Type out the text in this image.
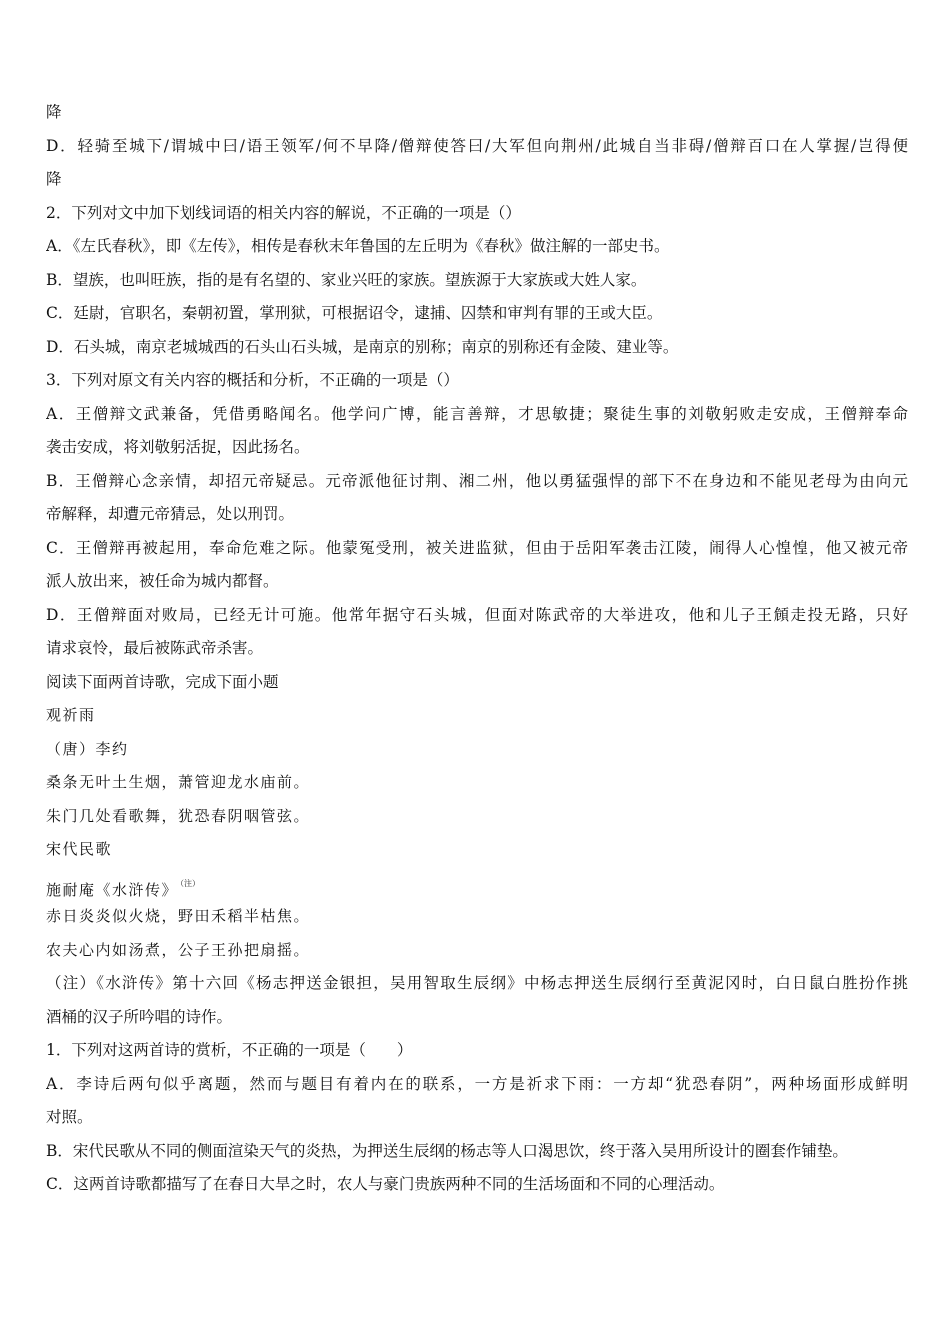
降
D．轻骑至城下/谓城中曰/语王领军/何不早降/僧辩使答曰/大军但向荆州/此城自当非碍/僧辩百口在人掌握/岂得便
降
2．下列对文中加下划线词语的相关内容的解说，不正确的一项是（）
A．《左氏春秋》，即《左传》，相传是春秋末年鲁国的左丘明为《春秋》做注解的一部史书。
B．望族，也叫旺族，指的是有名望的、家业兴旺的家族。望族源于大家族或大姓人家。
C．廷尉，官职名，秦朝初置，掌刑狱，可根据诏令，逮捕、囚禁和审判有罪的王或大臣。
D．石头城，南京老城城西的石头山石头城，是南京的别称；南京的别称还有金陵、建业等。
3．下列对原文有关内容的概括和分析，不正确的一项是（）
A．王僧辩文武兼备，凭借勇略闻名。他学问广博，能言善辩，才思敏捷；聚徒生事的刘敬躬败走安成，王僧辩奉命
袭击安成，将刘敬躬活捉，因此扬名。
B．王僧辩心念亲情，却招元帝疑忌。元帝派他征讨荆、湘二州，他以勇猛强悍的部下不在身边和不能见老母为由向元
帝解释，却遭元帝猜忌，处以刑罚。
C．王僧辩再被起用，奉命危难之际。他蒙冤受刑，被关进监狱，但由于岳阳军袭击江陵，闹得人心惶惶，他又被元帝
派人放出来，被任命为城内都督。
D．王僧辩面对败局，已经无计可施。他常年据守石头城，但面对陈武帝的大举进攻，他和儿子王頠走投无路，只好
请求哀怜，最后被陈武帝杀害。
阅读下面两首诗歌，完成下面小题
观祈雨
（唐）李约
桑条无叶土生烟，萧管迎龙水庙前。
朱门几处看歌舞，犹恐春阴咽管弦。
宋代民歌
施耐庵《水浒传》 $^{(注)}$
赤日炎炎似火烧，野田禾稻半枯焦。
农夫心内如汤煮，公子王孙把扇摇。
（注）《水浒传》第十六回《杨志押送金银担，吴用智取生辰纲》中杨志押送生辰纲行至黄泥冈时，白日鼠白胜扮作挑
酒桶的汉子所吟唱的诗作。
1．下列对这两首诗的赏析，不正确的一项是（　　）
A．李诗后两句似乎离题，然而与题目有着内在的联系，一方是祈求下雨：一方却“犹恐春阴”，两种场面形成鲜明
对照。
B．宋代民歌从不同的侧面渲染天气的炎热，为押送生辰纲的杨志等人口渴思饮，终于落入吴用所设计的圈套作铺垫。
C．这两首诗歌都描写了在春日大旱之时，农人与豪门贵族两种不同的生活场面和不同的心理活动。
